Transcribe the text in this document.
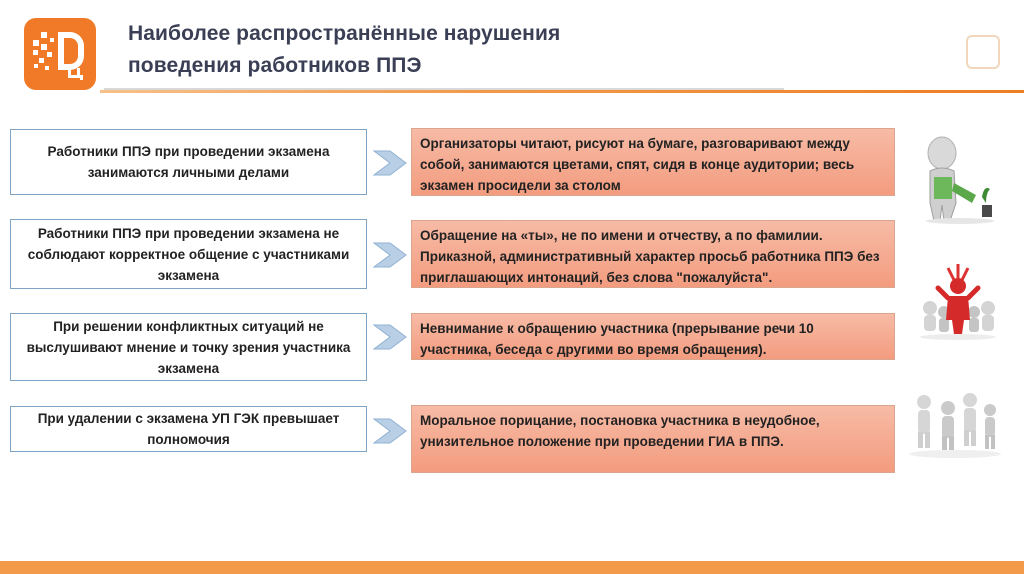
Наиболее распространённые нарушения
поведения работников ППЭ
Работники ППЭ при проведении экзамена занимаются личными делами
Организаторы читают, рисуют на бумаге, разговаривают между собой, занимаются цветами, спят, сидя в конце аудитории; весь экзамен просидели за столом
Работники ППЭ при проведении экзамена не соблюдают корректное общение с участниками экзамена
Обращение на «ты», не по имени и отчеству, а по фамилии. Приказной, административный характер просьб работника ППЭ без приглашающих интонаций, без слова "пожалуйста".
При решении конфликтных ситуаций не выслушивают мнение и точку зрения участника экзамена
Невнимание к обращению участника (прерывание речи 10 участника, беседа с другими во время обращения).
При удалении с экзамена УП ГЭК превышает полномочия
Моральное порицание, постановка участника в неудобное, унизительное положение при проведении ГИА в ППЭ.
